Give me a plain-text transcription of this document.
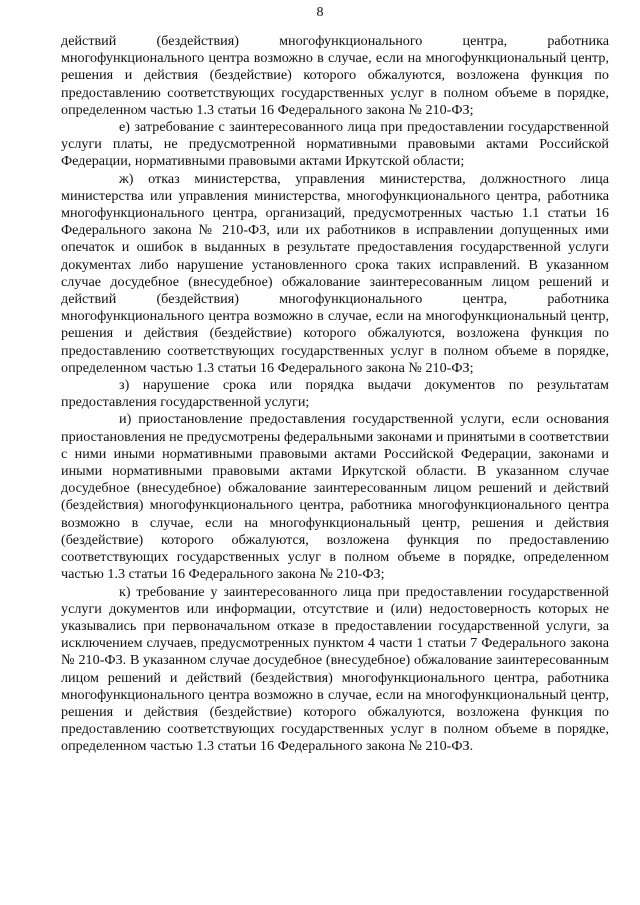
8

действий (бездействия) многофункционального центра, работника многофункционального центра возможно в случае, если на многофункциональный центр, решения и действия (бездействие) которого обжалуются, возложена функция по предоставлению соответствующих государственных услуг в полном объеме в порядке, определенном частью 1.3 статьи 16 Федерального закона № 210-ФЗ;

е) затребование с заинтересованного лица при предоставлении государственной услуги платы, не предусмотренной нормативными правовыми актами Российской Федерации, нормативными правовыми актами Иркутской области;

ж) отказ министерства, управления министерства, должностного лица министерства или управления министерства, многофункционального центра, работника многофункционального центра, организаций, предусмотренных частью 1.1 статьи 16 Федерального закона № 210-ФЗ, или их работников в исправлении допущенных ими опечаток и ошибок в выданных в результате предоставления государственной услуги документах либо нарушение установленного срока таких исправлений. В указанном случае досудебное (внесудебное) обжалование заинтересованным лицом решений и действий (бездействия) многофункционального центра, работника многофункционального центра возможно в случае, если на многофункциональный центр, решения и действия (бездействие) которого обжалуются, возложена функция по предоставлению соответствующих государственных услуг в полном объеме в порядке, определенном частью 1.3 статьи 16 Федерального закона № 210-ФЗ;

з) нарушение срока или порядка выдачи документов по результатам предоставления государственной услуги;

и) приостановление предоставления государственной услуги, если основания приостановления не предусмотрены федеральными законами и принятыми в соответствии с ними иными нормативными правовыми актами Российской Федерации, законами и иными нормативными правовыми актами Иркутской области. В указанном случае досудебное (внесудебное) обжалование заинтересованным лицом решений и действий (бездействия) многофункционального центра, работника многофункционального центра возможно в случае, если на многофункциональный центр, решения и действия (бездействие) которого обжалуются, возложена функция по предоставлению соответствующих государственных услуг в полном объеме в порядке, определенном частью 1.3 статьи 16 Федерального закона № 210-ФЗ;

к) требование у заинтересованного лица при предоставлении государственной услуги документов или информации, отсутствие и (или) недостоверность которых не указывались при первоначальном отказе в предоставлении государственной услуги, за исключением случаев, предусмотренных пунктом 4 части 1 статьи 7 Федерального закона № 210-ФЗ. В указанном случае досудебное (внесудебное) обжалование заинтересованным лицом решений и действий (бездействия) многофункционального центра, работника многофункционального центра возможно в случае, если на многофункциональный центр, решения и действия (бездействие) которого обжалуются, возложена функция по предоставлению соответствующих государственных услуг в полном объеме в порядке, определенном частью 1.3 статьи 16 Федерального закона № 210-ФЗ.
